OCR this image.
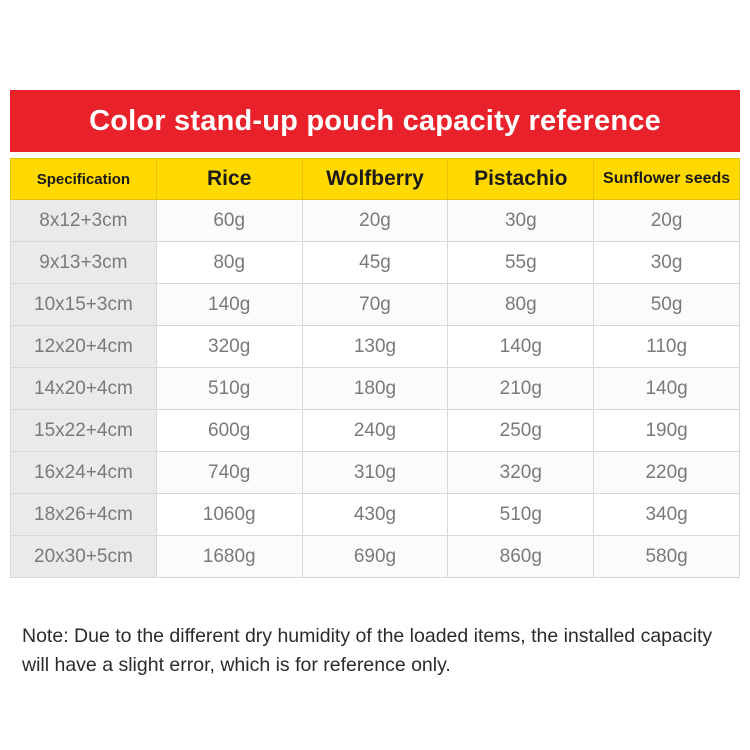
Color stand-up pouch capacity reference
Specification	Rice	Wolfberry	Pistachio	Sunflower seeds
8x12+3cm	60g	20g	30g	20g
9x13+3cm	80g	45g	55g	30g
10x15+3cm	140g	70g	80g	50g
12x20+4cm	320g	130g	140g	110g
14x20+4cm	510g	180g	210g	140g
15x22+4cm	600g	240g	250g	190g
16x24+4cm	740g	310g	320g	220g
18x26+4cm	1060g	430g	510g	340g
20x30+5cm	1680g	690g	860g	580g
Note: Due to the different dry humidity of the loaded items, the installed capacity will have a slight error, which is for reference only.
